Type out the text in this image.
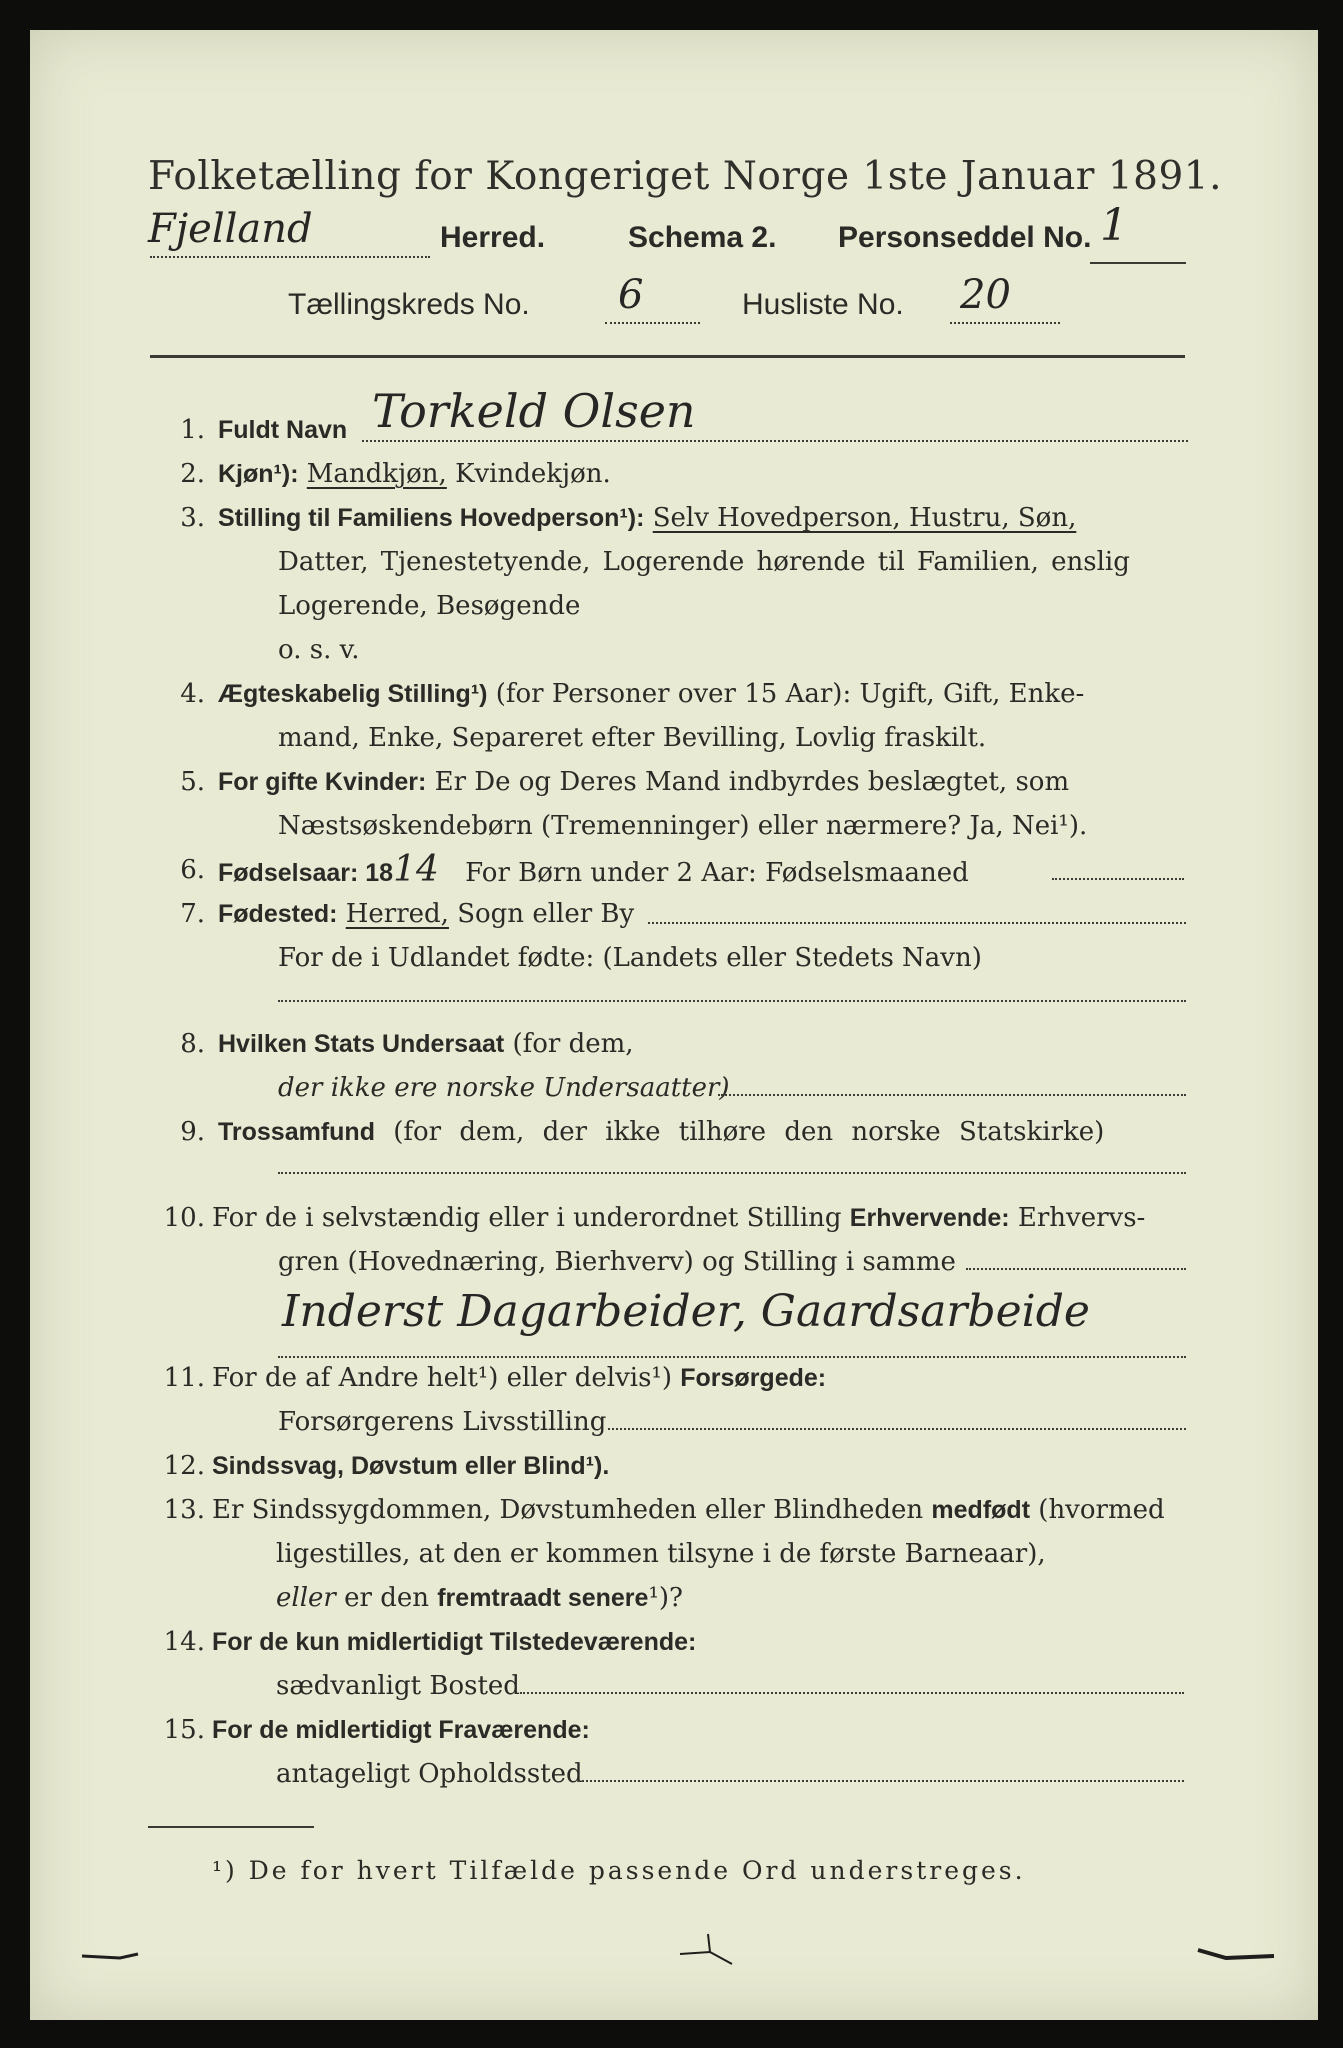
Folketælling for Kongeriget Norge 1ste Januar 1891.
Fjelland	Herred.	Schema 2. Personseddel No. 1
Tællingskreds No. 6	Husliste No. 20
1. Fuldt Navn Torkeld Olsen
2. Kjøn¹): Mandkjøn, Kvindekjøn.
3. Stilling til Familiens Hovedperson¹): Selv Hovedperson, Hustru, Søn,
Datter, Tjenestetyende, Logerende hørende til Familien, enslig
Logerende, Besøgende
o. s. v.
4. Ægteskabelig Stilling¹) (for Personer over 15 Aar): Ugift, Gift, Enke-
mand, Enke, Separeret efter Bevilling, Lovlig fraskilt.
5. For gifte Kvinder: Er De og Deres Mand indbyrdes beslægtet, som
Næstsøskendebørn (Tremenninger) eller nærmere? Ja, Nei¹).
6. Fødselsaar: 1814 For Børn under 2 Aar: Fødselsmaaned
7. Fødested: Herred, Sogn eller By
For de i Udlandet fødte: (Landets eller Stedets Navn)
8. Hvilken Stats Undersaat (for dem,
der ikke ere norske Undersaatter)
9. Trossamfund (for dem, der ikke tilhøre den norske Statskirke)
10. For de i selvstændig eller i underordnet Stilling Erhvervende: Erhvervs-
gren (Hovednæring, Bierhverv) og Stilling i samme
Inderst Dagarbeider, Gaardsarbeide
11. For de af Andre helt¹) eller delvis¹) Forsørgede:
Forsørgerens Livsstilling
12. Sindssvag, Døvstum eller Blind¹).
13. Er Sindssygdommen, Døvstumheden eller Blindheden medfødt (hvormed
ligestilles, at den er kommen tilsyne i de første Barneaar),
eller er den fremtraadt senere¹)?
14. For de kun midlertidigt Tilstedeværende:
sædvanligt Bosted
15. For de midlertidigt Fraværende:
antageligt Opholdssted
¹) De for hvert Tilfælde passende Ord understreges.
